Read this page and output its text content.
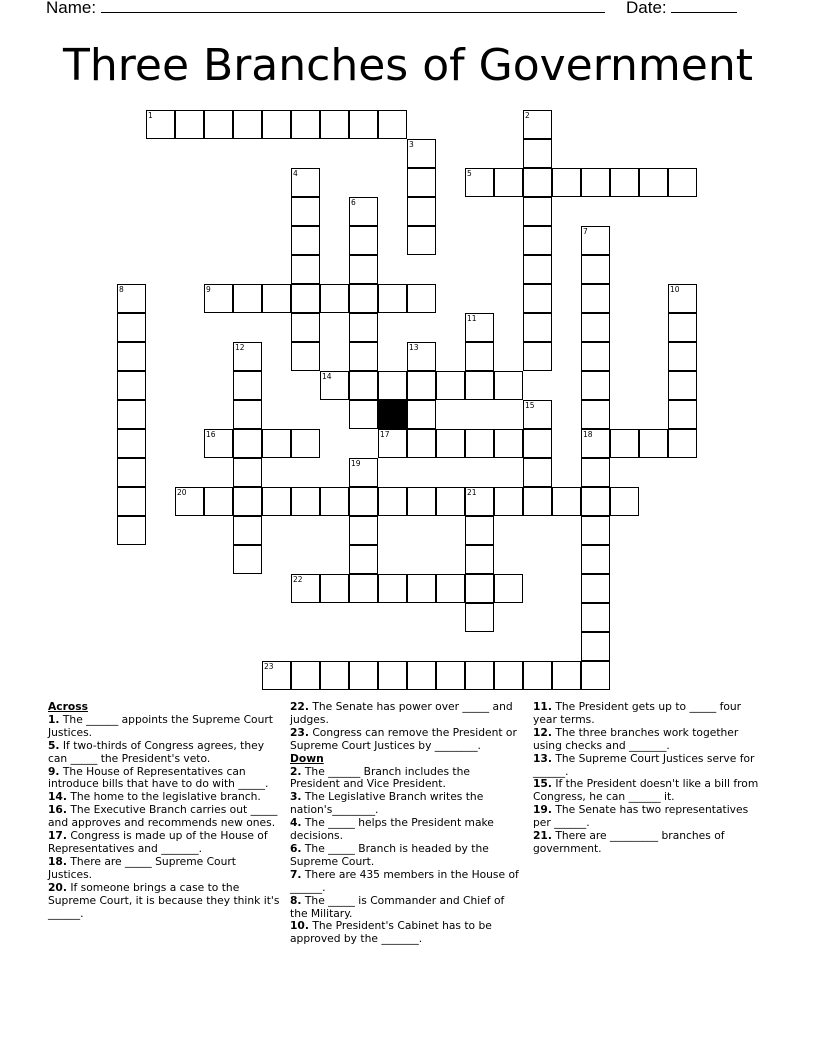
Name:	Date:
Three Branches of Government
1	2
3
4	5
6
7
8	9	10
11
12	13
14
15
16	17	18
19
20	21
22
23

Across

1. The ______ appoints the Supreme Court Justices.

5. If two-thirds of Congress agrees, they can _____ the President's veto.

9. The House of Representatives can introduce bills that have to do with _____.

14. The home to the legislative branch.

16. The Executive Branch carries out _____ and approves and recommends new ones.

17. Congress is made up of the House of Representatives and _______.

18. There are _____ Supreme Court Justices.

20. If someone brings a case to the Supreme Court, it is because they think it's ______.

22. The Senate has power over _____ and judges.

23. Congress can remove the President or Supreme Court Justices by ________.

Down

2. The ______ Branch includes the President and Vice President.

3. The Legislative Branch writes the nation's________.

4. The _____ helps the President make decisions.

6. The _____ Branch is headed by the Supreme Court.

7. There are 435 members in the House of ______.

8. The _____ is Commander and Chief of the Military.

10. The President's Cabinet has to be approved by the _______.

11. The President gets up to _____ four year terms.

12. The three branches work together using checks and _______.

13. The Supreme Court Justices serve for ______.

15. If the President doesn't like a bill from Congress, he can ______ it.

19. The Senate has two representatives per ______.

21. There are _________ branches of government.
